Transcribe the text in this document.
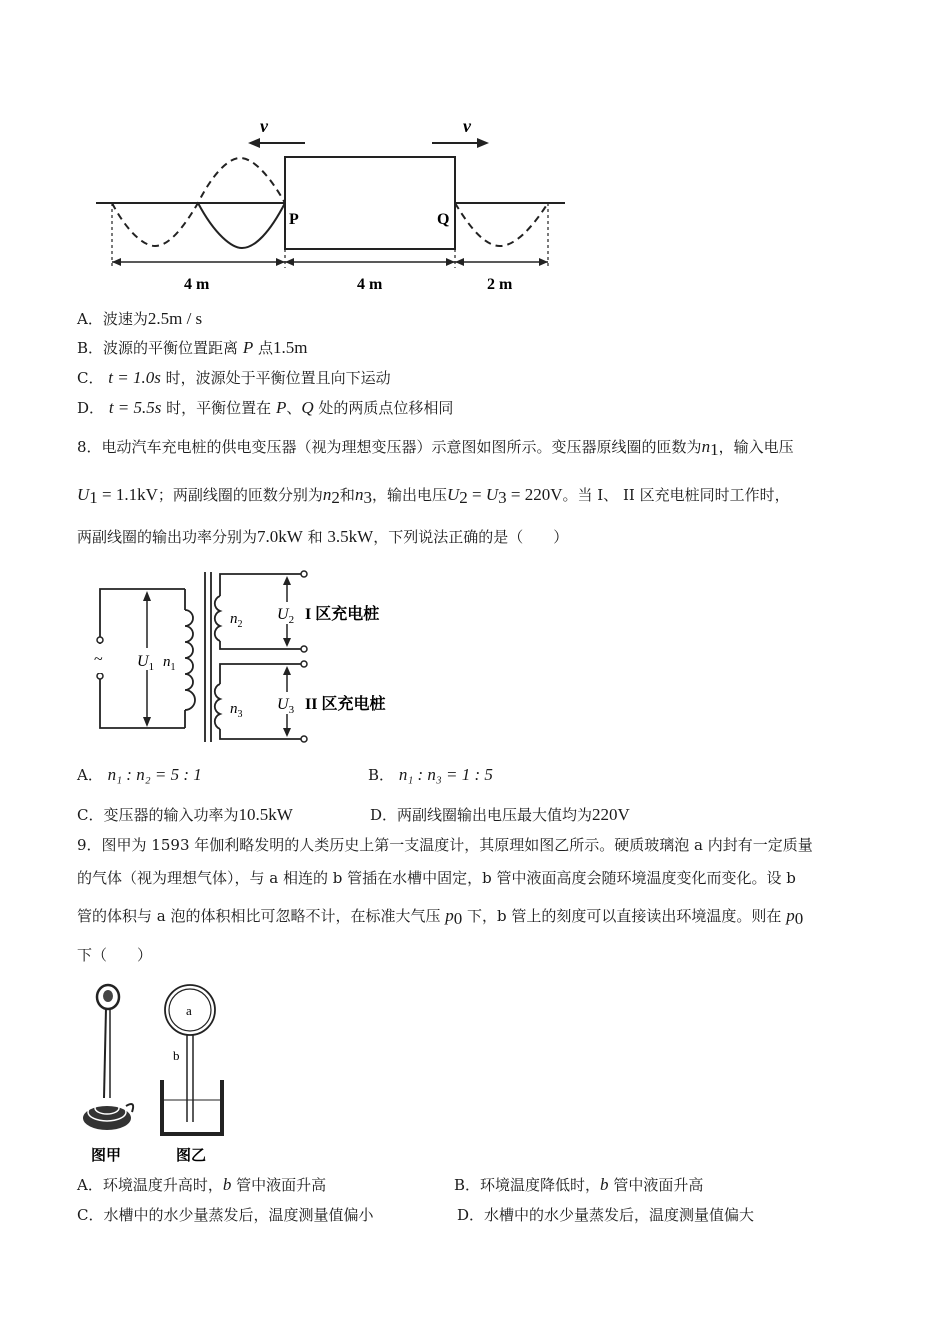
v	v
P	Q
4 m	4 m	2 m
A．波速为2.5m / s
B．波源的平衡位置距离 P 点1.5m
C． t = 1.0s 时，波源处于平衡位置且向下运动
D． t = 5.5s 时，平衡位置在 P、Q 处的两质点位移相同
8．电动汽车充电桩的供电变压器（视为理想变压器）示意图如图所示。变压器原线圈的匝数为$n_1$，输入电压
$U_1 = 1.1kV$；两副线圈的匝数分别为$n_2$和$n_3$，输出电压$U_2 = U_3 = 220V$。当 I、 II 区充电桩同时工作时，
两副线圈的输出功率分别为7.0kW 和 3.5kW，下列说法正确的是（　　）
~ $U_1$ $n_1$
$n_2$
$U_2$ I 区充电桩
$n_3$
$U_3$ II 区充电桩
A． n₁ : n₂ = 5 : 1	B． n₁ : n₃ = 1 : 5
C．变压器的输入功率为10.5kW	D．两副线圈输出电压最大值均为220V
9．图甲为 1593 年伽利略发明的人类历史上第一支温度计，其原理如图乙所示。硬质玻璃泡 a 内封有一定质量
的气体（视为理想气体），与 a 相连的 b 管插在水槽中固定，b 管中液面高度会随环境温度变化而变化。设 b
管的体积与 a 泡的体积相比可忽略不计，在标准大气压 $p_0$ 下，b 管上的刻度可以直接读出环境温度。则在 $p_0$
下（　　）
图甲
a
b
图乙
A．环境温度升高时，b 管中液面升高	B．环境温度降低时，b 管中液面升高
C．水槽中的水少量蒸发后，温度测量值偏小	D．水槽中的水少量蒸发后，温度测量值偏大
